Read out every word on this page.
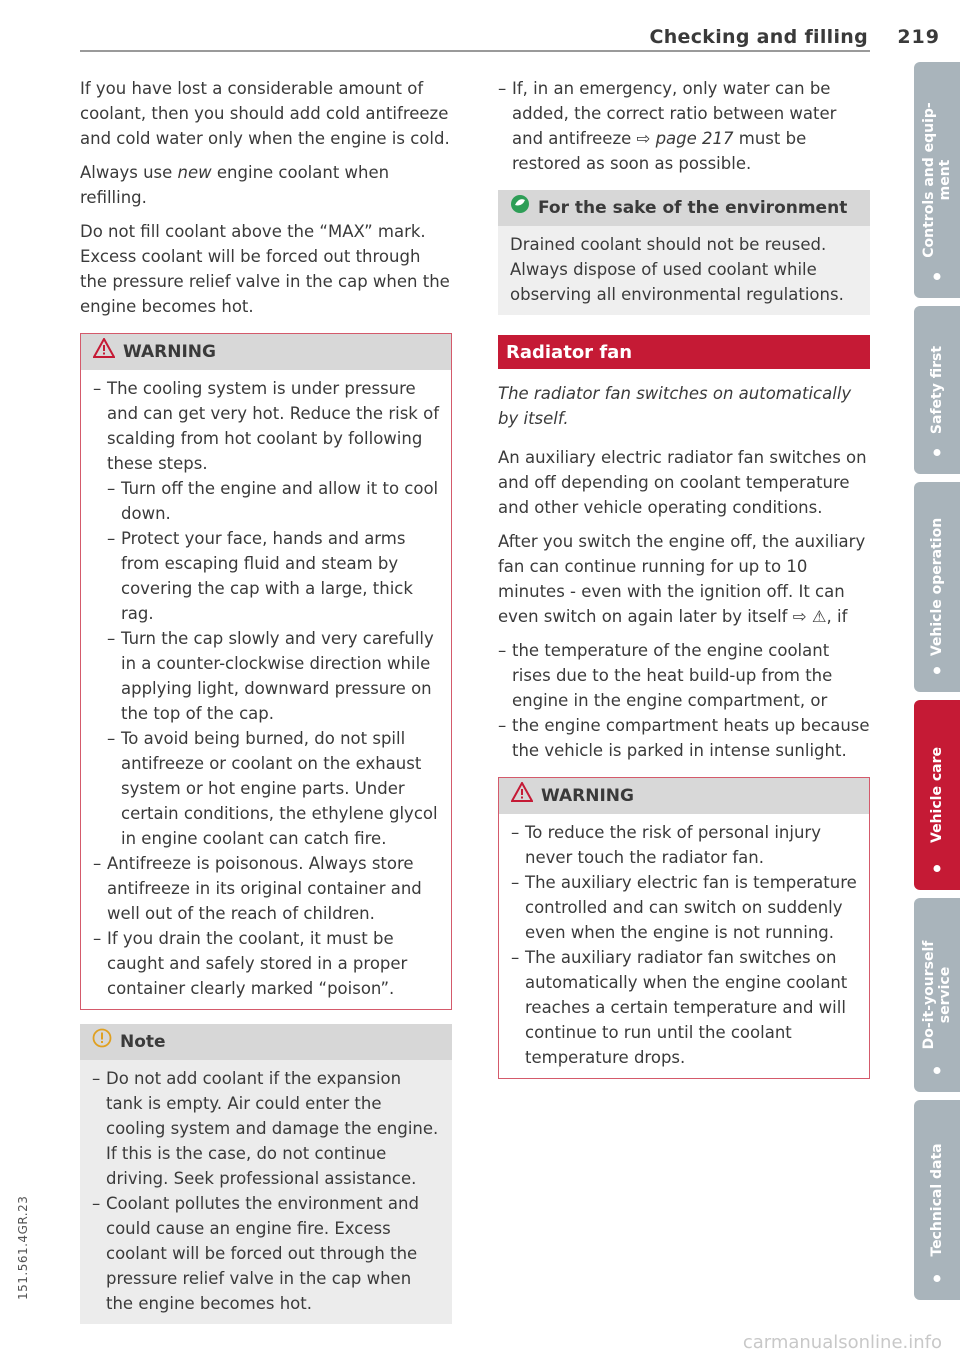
Checking and filling 219

If you have lost a considerable amount of coolant, then you should add cold antifreeze and cold water only when the engine is cold.

Always use new engine coolant when refilling.

Do not fill coolant above the “MAX” mark. Excess coolant will be forced out through the pressure relief valve in the cap when the engine becomes hot.

WARNING
– The cooling system is under pressure and can get very hot. Reduce the risk of scalding from hot coolant by following these steps.
– Turn off the engine and allow it to cool down.
– Protect your face, hands and arms from escaping fluid and steam by covering the cap with a large, thick rag.
– Turn the cap slowly and very carefully in a counter-clockwise direction while applying light, downward pressure on the top of the cap.
– To avoid being burned, do not spill antifreeze or coolant on the exhaust system or hot engine parts. Under certain conditions, the ethylene glycol in engine coolant can catch fire.
– Antifreeze is poisonous. Always store antifreeze in its original container and well out of the reach of children.
– If you drain the coolant, it must be caught and safely stored in a proper container clearly marked “poison”.
Note
– Do not add coolant if the expansion tank is empty. Air could enter the cooling system and damage the engine. If this is the case, do not continue driving. Seek professional assistance.
– Coolant pollutes the environment and could cause an engine fire. Excess coolant will be forced out through the pressure relief valve in the cap when the engine becomes hot.
– If, in an emergency, only water can be added, the correct ratio between water and antifreeze ⇨ page 217 must be restored as soon as possible.
For the sake of the environment
Drained coolant should not be reused. Always dispose of used coolant while observing all environmental regulations.
Radiator fan

The radiator fan switches on automatically by itself.

An auxiliary electric radiator fan switches on and off depending on coolant temperature and other vehicle operating conditions.

After you switch the engine off, the auxiliary fan can continue running for up to 10 minutes - even with the ignition off. It can even switch on again later by itself ⇨ ⚠, if

– the temperature of the engine coolant rises due to the heat build-up from the engine in the engine compartment, or
– the engine compartment heats up because the vehicle is parked in intense sunlight.
WARNING
– To reduce the risk of personal injury never touch the radiator fan.
– The auxiliary electric fan is temperature controlled and can switch on suddenly even when the engine is not running.
– The auxiliary radiator fan switches on automatically when the engine coolant reaches a certain temperature and will continue to run until the coolant temperature drops.
Controls and equip-
ment
Safety first
Vehicle operation
Vehicle care
Do-it-yourself
service
Technical data
151.561.4GR.23
carmanualsonline.info
